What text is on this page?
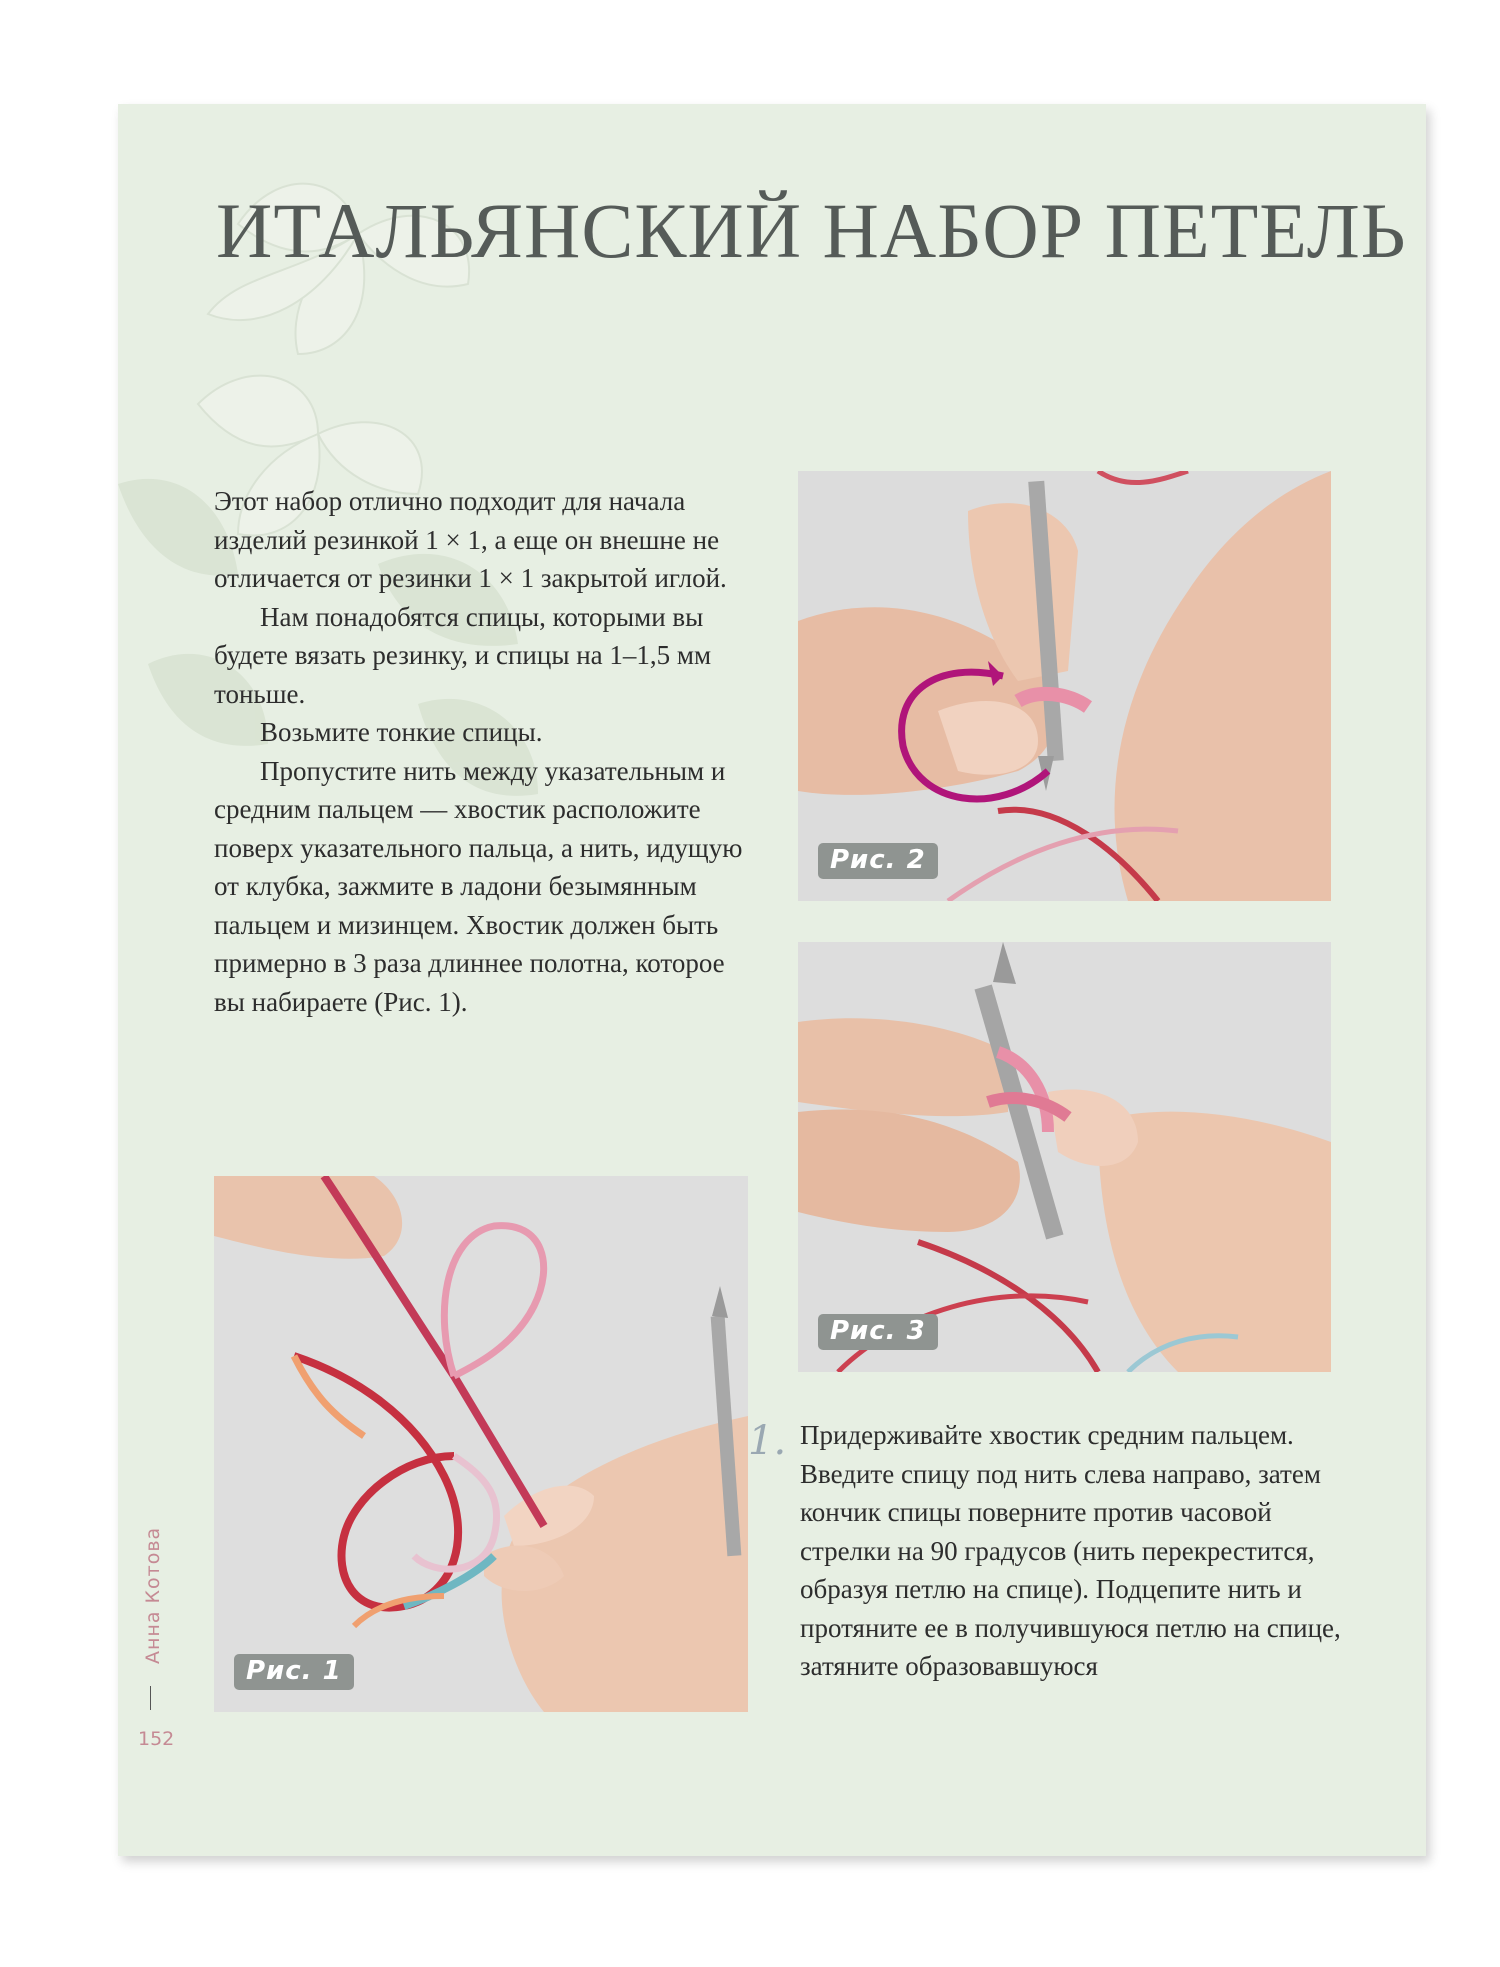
ИТАЛЬЯНСКИЙ НАБОР ПЕТЕЛЬ

Этот набор отлично подходит для начала изделий резинкой 1 × 1, а еще он внешне не отличается от резинки 1 × 1 закрытой иглой.

Нам понадобятся спицы, которыми вы будете вязать резинку, и спицы на 1–1,5 мм тоньше.

Возьмите тонкие спицы.

Пропустите нить между указательным и средним пальцем — хвостик расположите поверх указательного пальца, а нить, идущую от клубка, зажмите в ладони безымянным пальцем и мизинцем. Хвостик должен быть примерно в 3 раза длиннее полотна, которое вы набираете (Рис. 1).

Рис. 2
Рис. 3
Рис. 1
1. Придерживайте хвостик средним пальцем. Введите спицу под нить слева направо, затем кончик спицы поверните против часовой стрелки на 90 градусов (нить перекрестится, образуя петлю на спице). Подцепите нить и протяните ее в получившуюся петлю на спице, затяните образовавшуюся

Анна Котова
152
